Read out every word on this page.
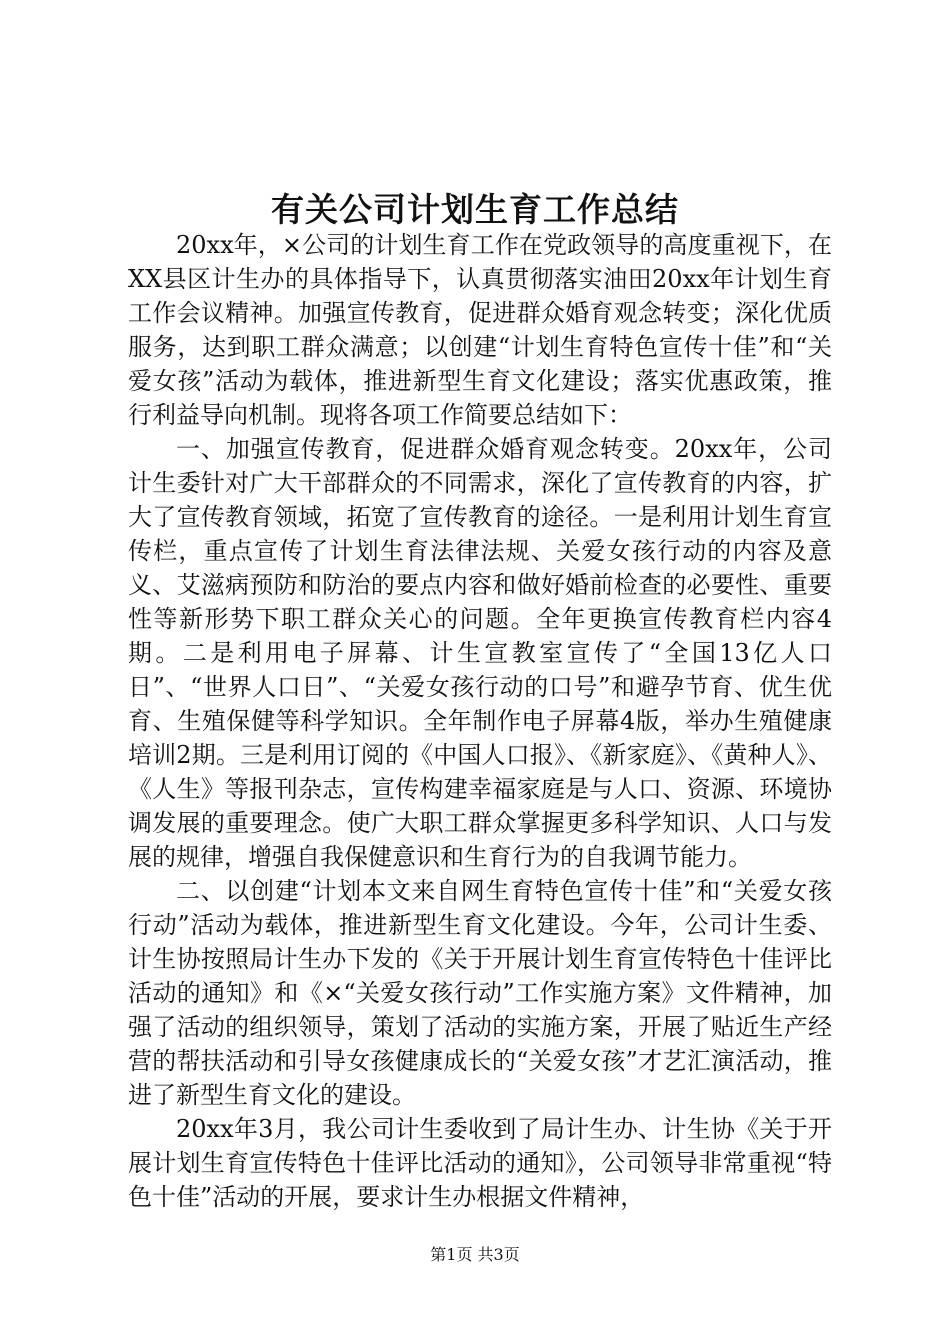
有关公司计划生育工作总结

20xx年，×公司的计划生育工作在党政领导的高度重视下，在XX县区计生办的具体指导下，认真贯彻落实油田20xx年计划生育工作会议精神。加强宣传教育，促进群众婚育观念转变；深化优质服务，达到职工群众满意；以创建“计划生育特色宣传十佳”和“关爱女孩”活动为载体，推进新型生育文化建设；落实优惠政策，推行利益导向机制。现将各项工作简要总结如下：

一、加强宣传教育，促进群众婚育观念转变。20xx年，公司计生委针对广大干部群众的不同需求，深化了宣传教育的内容，扩大了宣传教育领域，拓宽了宣传教育的途径。一是利用计划生育宣传栏，重点宣传了计划生育法律法规、关爱女孩行动的内容及意义、艾滋病预防和防治的要点内容和做好婚前检查的必要性、重要性等新形势下职工群众关心的问题。全年更换宣传教育栏内容4期。二是利用电子屏幕、计生宣教室宣传了“全国13亿人口日”、“世界人口日”、“关爱女孩行动的口号”和避孕节育、优生优育、生殖保健等科学知识。全年制作电子屏幕4版，举办生殖健康培训2期。三是利用订阅的《中国人口报》、《新家庭》、《黄种人》、《人生》等报刊杂志，宣传构建幸福家庭是与人口、资源、环境协调发展的重要理念。使广大职工群众掌握更多科学知识、人口与发展的规律，增强自我保健意识和生育行为的自我调节能力。

二、以创建“计划本文来自网生育特色宣传十佳”和“关爱女孩行动”活动为载体，推进新型生育文化建设。今年，公司计生委、计生协按照局计生办下发的《关于开展计划生育宣传特色十佳评比活动的通知》和《×“关爱女孩行动”工作实施方案》文件精神，加强了活动的组织领导，策划了活动的实施方案，开展了贴近生产经营的帮扶活动和引导女孩健康成长的“关爱女孩”才艺汇演活动，推进了新型生育文化的建设。

20xx年3月，我公司计生委收到了局计生办、计生协《关于开展计划生育宣传特色十佳评比活动的通知》，公司领导非常重视“特色十佳”活动的开展，要求计生办根据文件精神，

第1页 共3页
